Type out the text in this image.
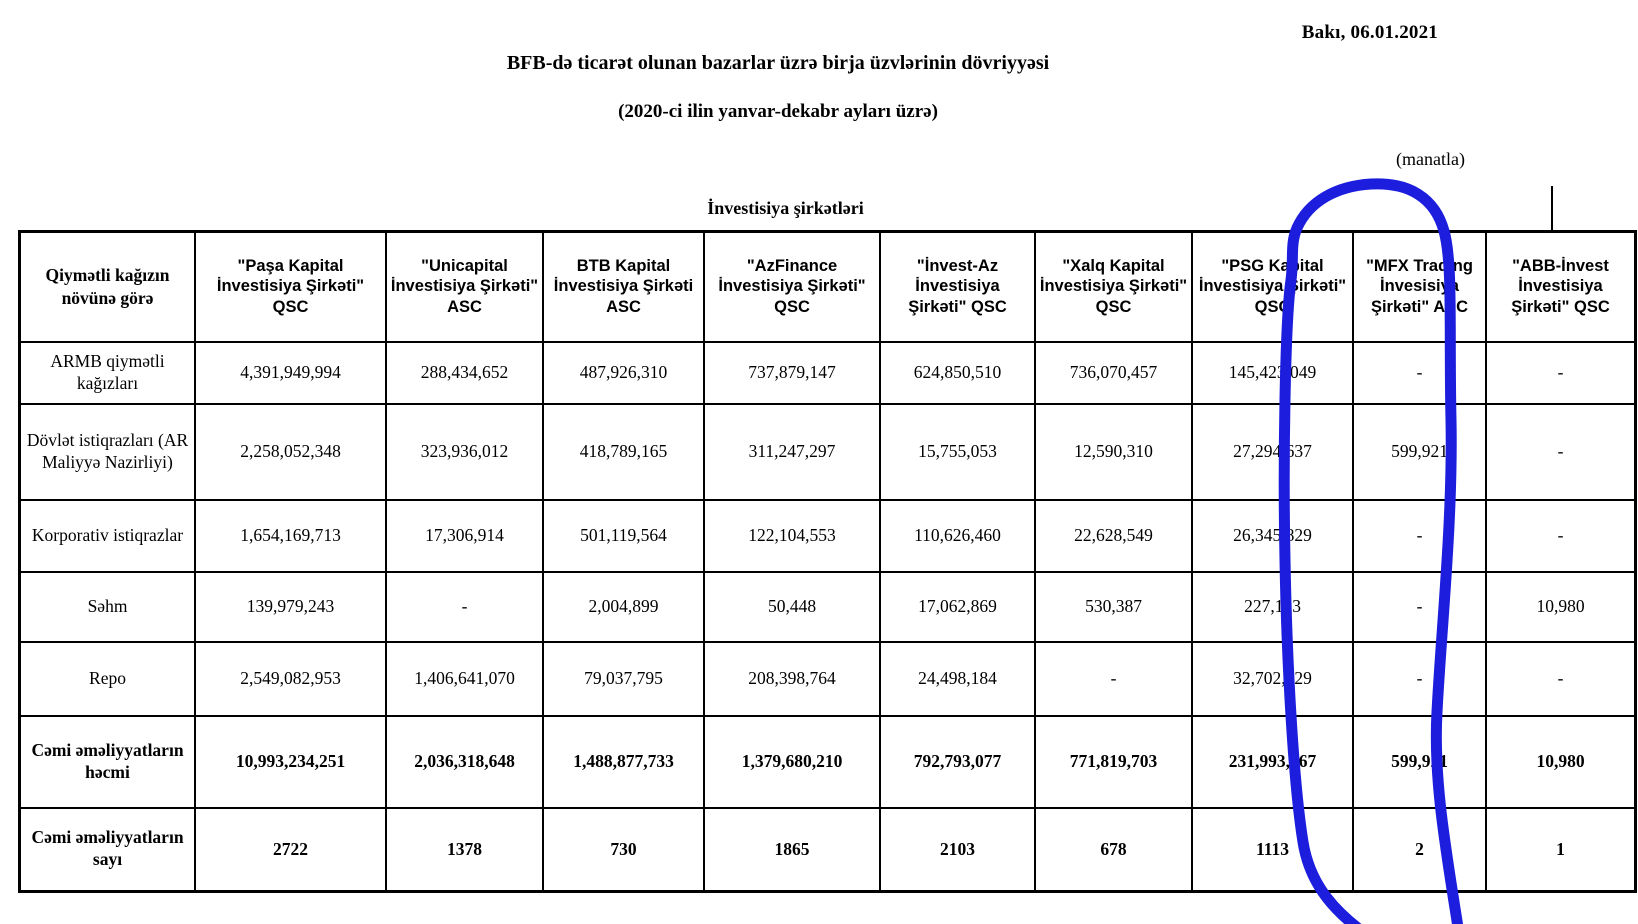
Bakı, 06.01.2021
BFB-də ticarət olunan bazarlar üzrə birja üzvlərinin dövriyyəsi
(2020-ci ilin yanvar-dekabr ayları üzrə)
(manatla)
İnvestisiya şirkətləri
Qiymətli kağızın növünə görə	"Paşa Kapital İnvestisiya Şirkəti" QSC	"Unicapital İnvestisiya Şirkəti" ASC	BTB Kapital İnvestisiya Şirkəti ASC	"AzFinance İnvestisiya Şirkəti" QSC	"İnvest-Az İnvestisiya Şirkəti" QSC	"Xalq Kapital İnvestisiya Şirkəti" QSC	"PSG Kapital İnvestisiya Şirkəti" QSC	"MFX Trading İnvesisiya Şirkəti" ASC	"ABB-İnvest İnvestisiya Şirkəti" QSC
ARMB qiymətli kağızları	4,391,949,994	288,434,652	487,926,310	737,879,147	624,850,510	736,070,457	145,423,049	-	-
Dövlət istiqrazları (AR Maliyyə Nazirliyi)	2,258,052,348	323,936,012	418,789,165	311,247,297	15,755,053	12,590,310	27,294,637	599,921	-
Korporativ istiqrazlar	1,654,169,713	17,306,914	501,119,564	122,104,553	110,626,460	22,628,549	26,345,829	-	-
Səhm	139,979,243	-	2,004,899	50,448	17,062,869	530,387	227,123	-	10,980
Repo	2,549,082,953	1,406,641,070	79,037,795	208,398,764	24,498,184	-	32,702,629	-	-
Cəmi əməliyyatların həcmi	10,993,234,251	2,036,318,648	1,488,877,733	1,379,680,210	792,793,077	771,819,703	231,993,267	599,921	10,980
Cəmi əməliyyatların sayı	2722	1378	730	1865	2103	678	1113	2	1
